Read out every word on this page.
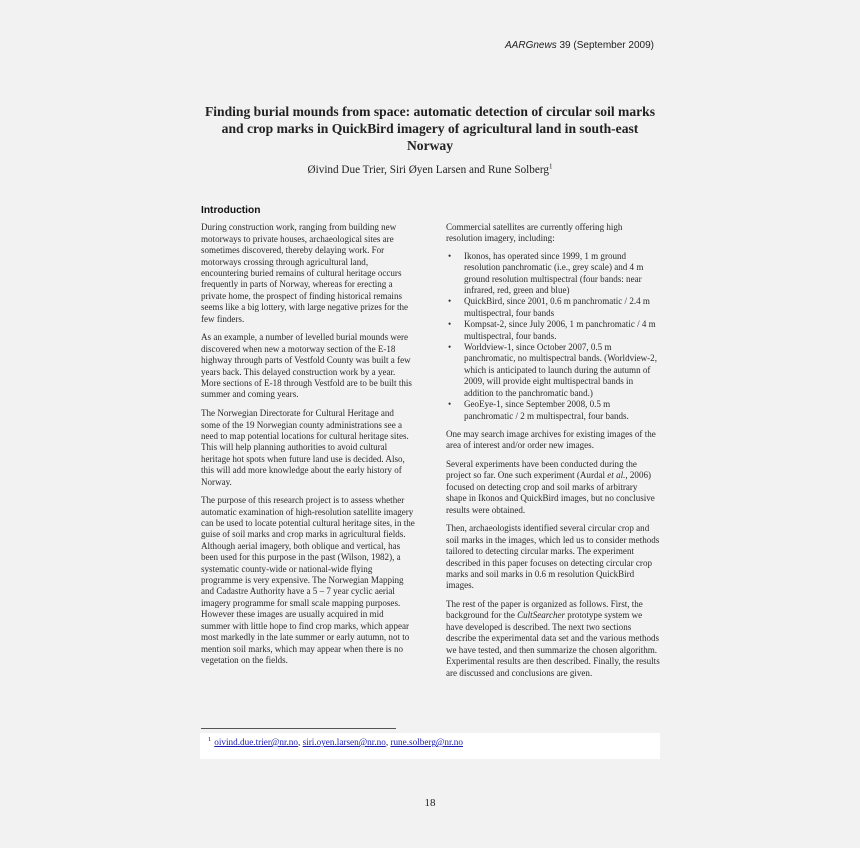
AARGnews 39 (September 2009)
Finding burial mounds from space: automatic detection of circular soil marks and crop marks in QuickBird imagery of agricultural land in south-east Norway
Øivind Due Trier, Siri Øyen Larsen and Rune Solberg$^1$
Introduction

During construction work, ranging from building new motorways to private houses, archaeological sites are sometimes discovered, thereby delaying work. For motorways crossing through agricultural land, encountering buried remains of cultural heritage occurs frequently in parts of Norway, whereas for erecting a private home, the prospect of finding historical remains seems like a big lottery, with large negative prizes for the few finders.

As an example, a number of levelled burial mounds were discovered when new a motorway section of the E-18 highway through parts of Vestfold County was built a few years back. This delayed construction work by a year. More sections of E-18 through Vestfold are to be built this summer and coming years.

The Norwegian Directorate for Cultural Heritage and some of the 19 Norwegian county administrations see a need to map potential locations for cultural heritage sites. This will help planning authorities to avoid cultural heritage hot spots when future land use is decided. Also, this will add more knowledge about the early history of Norway.

The purpose of this research project is to assess whether automatic examination of high-resolution satellite imagery can be used to locate potential cultural heritage sites, in the guise of soil marks and crop marks in agricultural fields. Although aerial imagery, both oblique and vertical, has been used for this purpose in the past (Wilson, 1982), a systematic county-wide or national-wide flying programme is very expensive. The Norwegian Mapping and Cadastre Authority have a 5 – 7 year cyclic aerial imagery programme for small scale mapping purposes. However these images are usually acquired in mid summer with little hope to find crop marks, which appear most markedly in the late summer or early autumn, not to mention soil marks, which may appear when there is no vegetation on the fields.

Commercial satellites are currently offering high resolution imagery, including:

• Ikonos, has operated since 1999, 1 m ground resolution panchromatic (i.e., grey scale) and 4 m ground resolution multispectral (four bands: near infrared, red, green and blue)
• QuickBird, since 2001, 0.6 m panchromatic / 2.4 m multispectral, four bands
• Kompsat-2, since July 2006, 1 m panchromatic / 4 m multispectral, four bands.
• Worldview-1, since October 2007, 0.5 m panchromatic, no multispectral bands. (Worldview-2, which is anticipated to launch during the autumn of 2009, will provide eight multispectral bands in addition to the panchromatic band.)
• GeoEye-1, since September 2008, 0.5 m panchromatic / 2 m multispectral, four bands.

One may search image archives for existing images of the area of interest and/or order new images.

Several experiments have been conducted during the project so far. One such experiment (Aurdal et al., 2006) focused on detecting crop and soil marks of arbitrary shape in Ikonos and QuickBird images, but no conclusive results were obtained.

Then, archaeologists identified several circular crop and soil marks in the images, which led us to consider methods tailored to detecting circular marks. The experiment described in this paper focuses on detecting circular crop marks and soil marks in 0.6 m resolution QuickBird images.

The rest of the paper is organized as follows. First, the background for the CultSearcher prototype system we have developed is described. The next two sections describe the experimental data set and the various methods we have tested, and then summarize the chosen algorithm. Experimental results are then described. Finally, the results are discussed and conclusions are given.

$^1$ oivind.due.trier@nr.no, siri.oyen.larsen@nr.no, rune.solberg@nr.no
18
